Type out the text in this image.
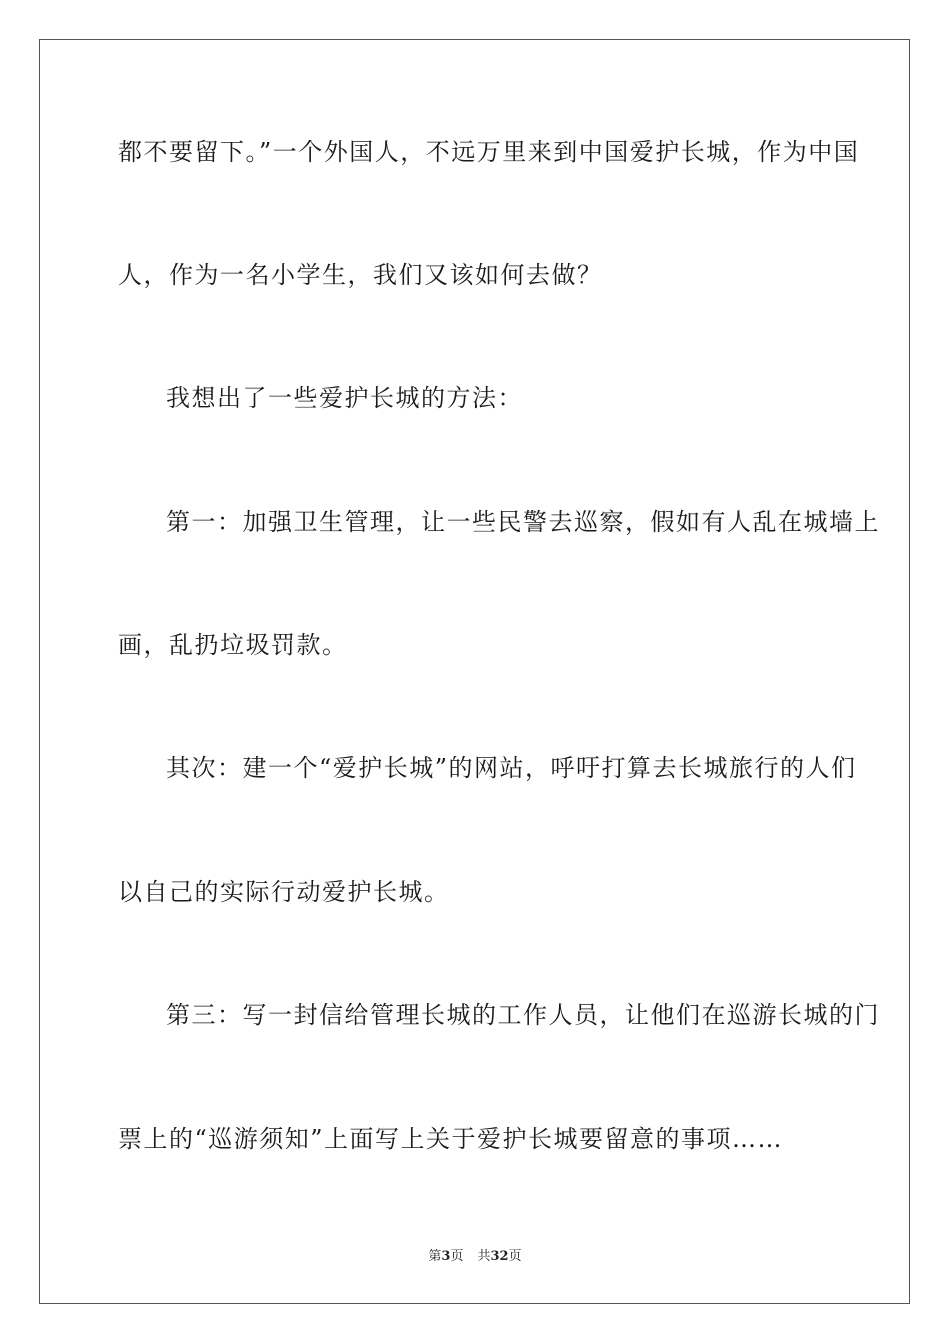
都不要留下。”一个外国人，不远万里来到中国爱护长城，作为中国
人，作为一名小学生，我们又该如何去做？
我想出了一些爱护长城的方法：
第一：加强卫生管理，让一些民警去巡察，假如有人乱在城墙上
画，乱扔垃圾罚款。
其次：建一个“爱护长城”的网站，呼吁打算去长城旅行的人们
以自己的实际行动爱护长城。
第三：写一封信给管理长城的工作人员，让他们在巡游长城的门
票上的“巡游须知”上面写上关于爱护长城要留意的事项……
第3页 共32页
